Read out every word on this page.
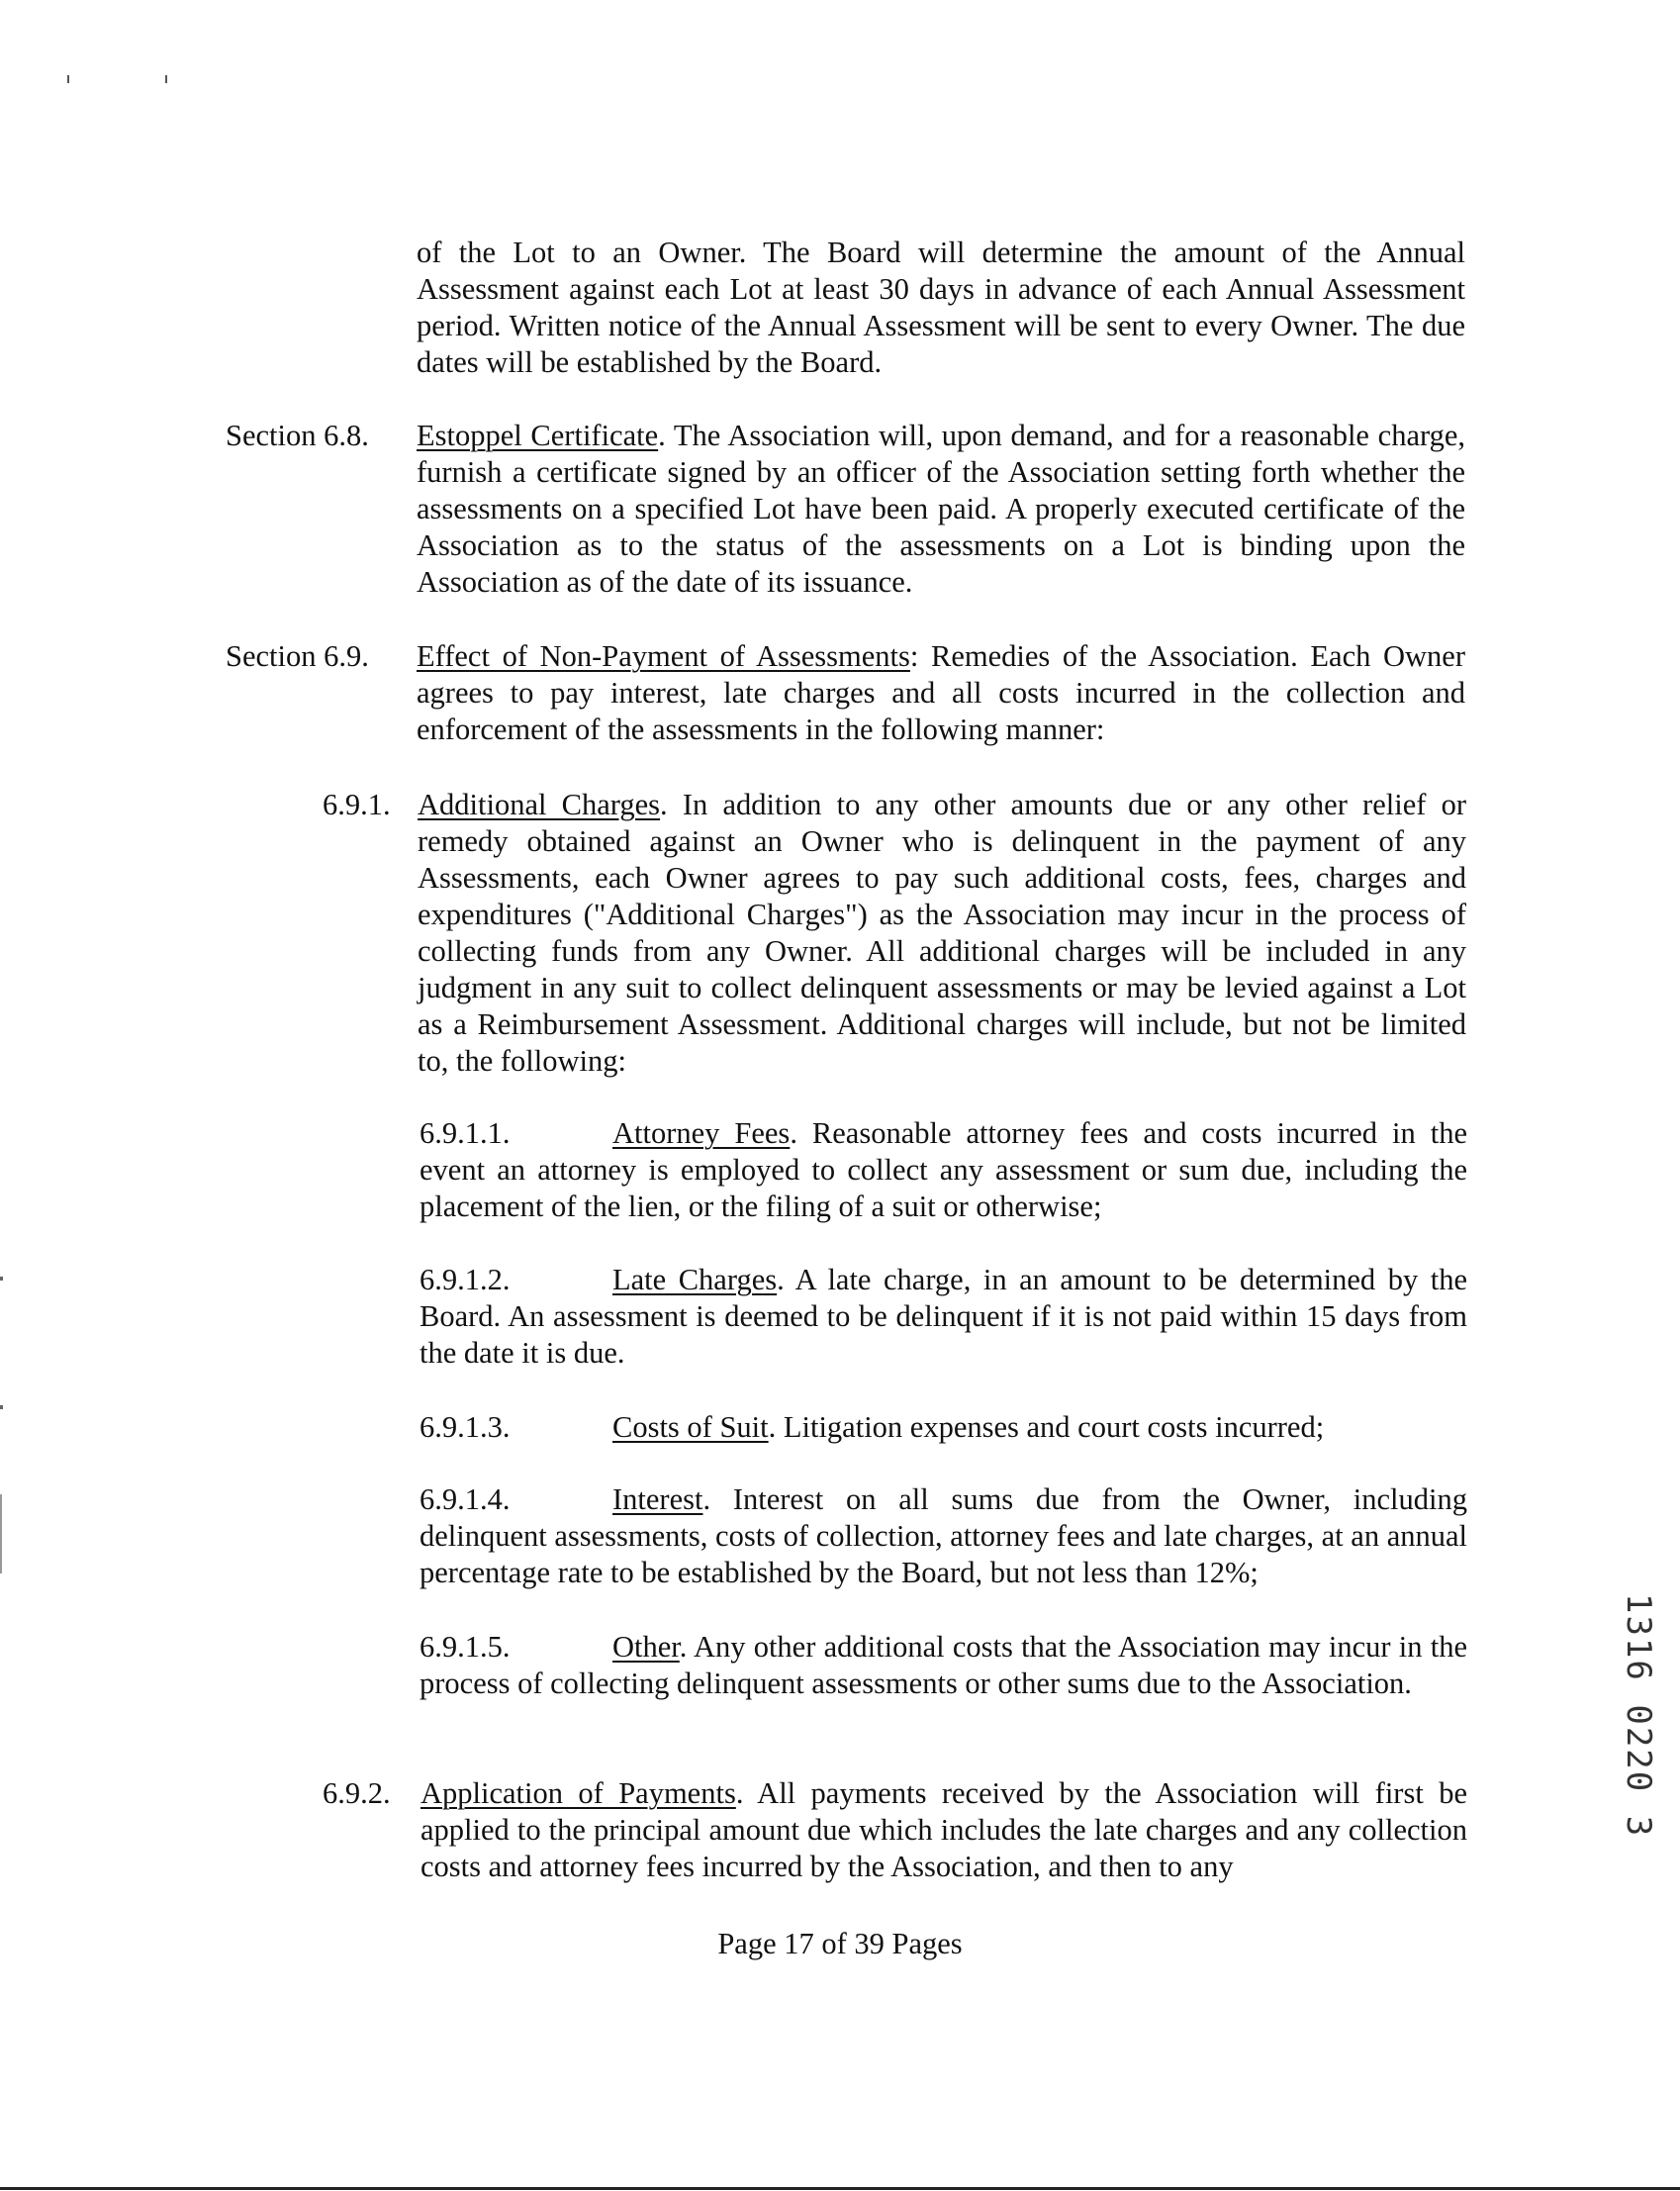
of the Lot to an Owner. The Board will determine the amount of the Annual Assessment against each Lot at least 30 days in advance of each Annual Assessment period. Written notice of the Annual Assessment will be sent to every Owner. The due dates will be established by the Board.

Section 6.8. Estoppel Certificate. The Association will, upon demand, and for a reasonable charge, furnish a certificate signed by an officer of the Association setting forth whether the assessments on a specified Lot have been paid. A properly executed certificate of the Association as to the status of the assessments on a Lot is binding upon the Association as of the date of its issuance.

Section 6.9. Effect of Non-Payment of Assessments: Remedies of the Association. Each Owner agrees to pay interest, late charges and all costs incurred in the collection and enforcement of the assessments in the following manner:

6.9.1. Additional Charges. In addition to any other amounts due or any other relief or remedy obtained against an Owner who is delinquent in the payment of any Assessments, each Owner agrees to pay such additional costs, fees, charges and expenditures ("Additional Charges") as the Association may incur in the process of collecting funds from any Owner. All additional charges will be included in any judgment in any suit to collect delinquent assessments or may be levied against a Lot as a Reimbursement Assessment. Additional charges will include, but not be limited to, the following:

6.9.1.1.	Attorney Fees. Reasonable attorney fees and costs incurred in the event an attorney is employed to collect any assessment or sum due, including the placement of the lien, or the filing of a suit or otherwise;

6.9.1.2.	Late Charges. A late charge, in an amount to be determined by the Board. An assessment is deemed to be delinquent if it is not paid within 15 days from the date it is due.

6.9.1.3.	Costs of Suit. Litigation expenses and court costs incurred;

6.9.1.4.	Interest. Interest on all sums due from the Owner, including delinquent assessments, costs of collection, attorney fees and late charges, at an annual percentage rate to be established by the Board, but not less than 12%;

6.9.1.5.	Other. Any other additional costs that the Association may incur in the process of collecting delinquent assessments or other sums due to the Association.

6.9.2. Application of Payments. All payments received by the Association will first be applied to the principal amount due which includes the late charges and any collection costs and attorney fees incurred by the Association, and then to any

Page 17 of 39 Pages
1316 0220 3
